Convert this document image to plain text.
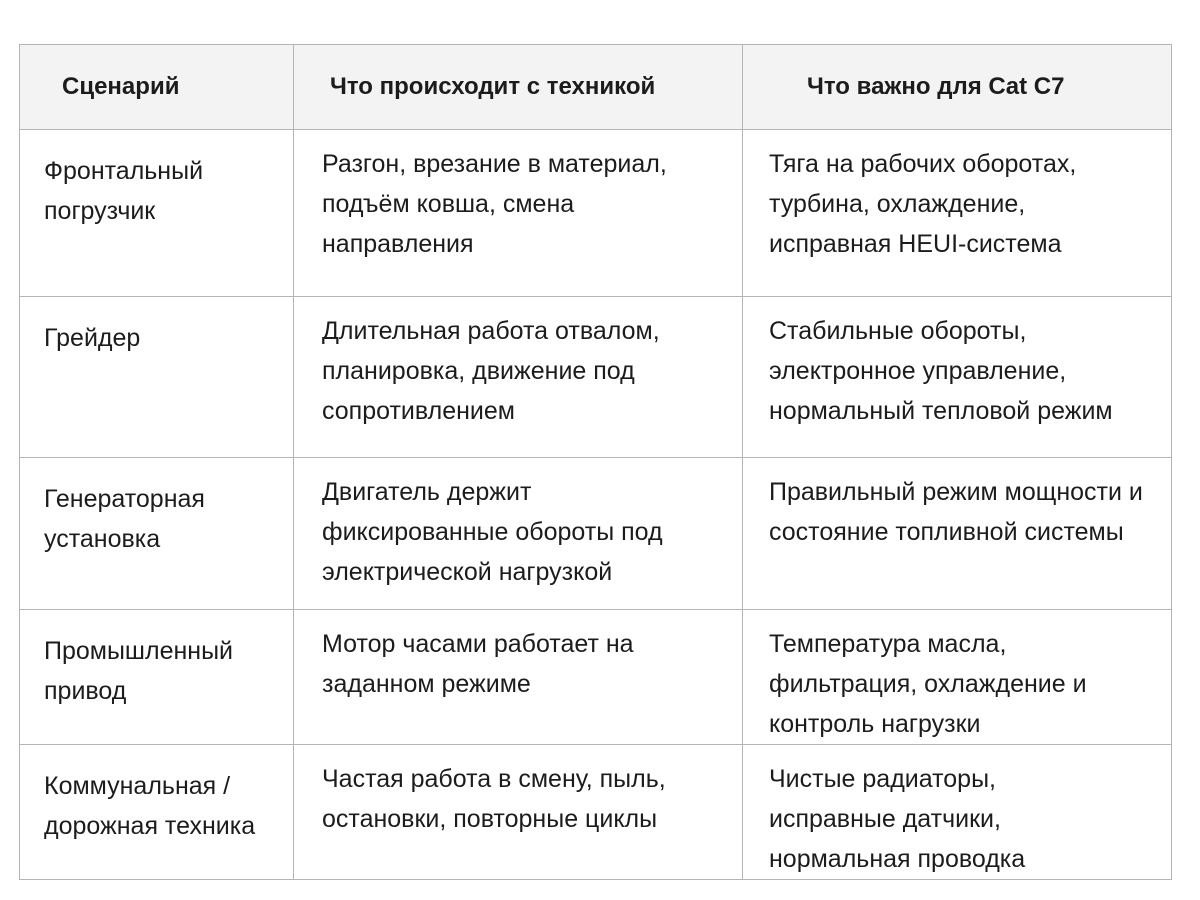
Сценарий	Что происходит с техникой	Что важно для Cat C7

Фронтальный погрузчик	Разгон, врезание в материал, подъём ковша, смена направления	Тяга на рабочих оборотах, турбина, охлаждение, исправная HEUI-система

Грейдер	Длительная работа отвалом, планировка, движение под сопротивлением	Стабильные обороты, электронное управление, нормальный тепловой режим

Генераторная установка	Двигатель держит фиксированные обороты под электрической нагрузкой	Правильный режим мощности и состояние топливной системы

Промышленный привод	Мотор часами работает на заданном режиме	Температура масла, фильтрация, охлаждение и контроль нагрузки

Коммунальная / дорожная техника	Частая работа в смену, пыль, остановки, повторные циклы	Чистые радиаторы, исправные датчики, нормальная проводка
